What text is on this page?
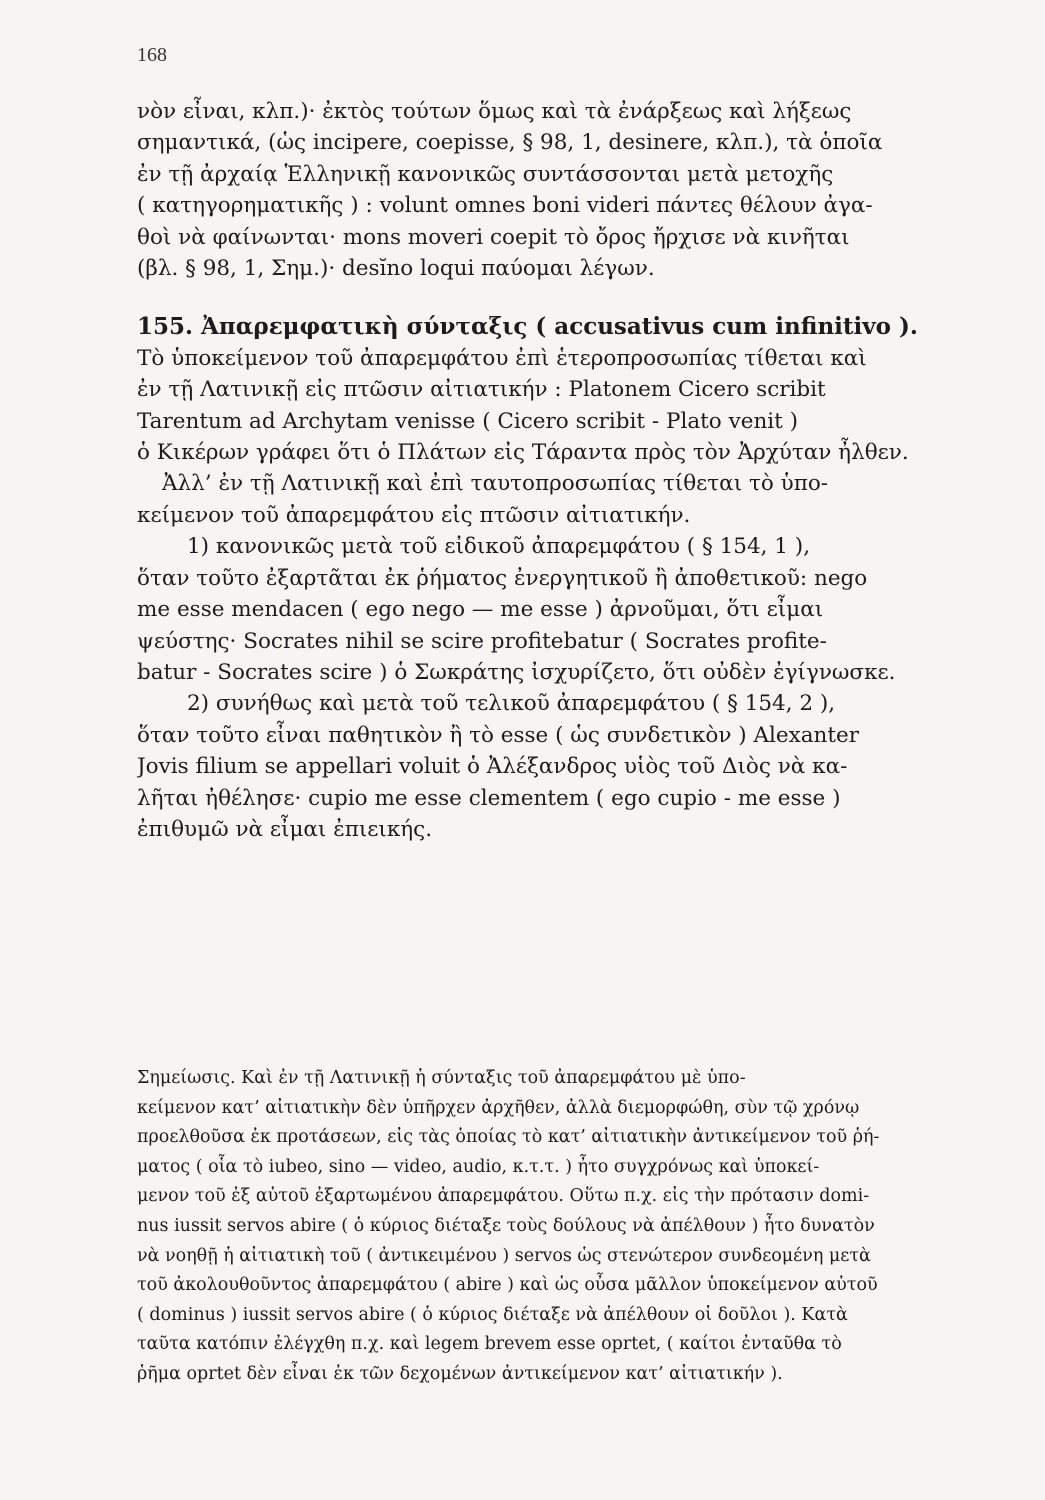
168
νὸν εἶναι, κλπ.)· ἐκτὸς τούτων ὅμως καὶ τὰ ἐνάρξεως καὶ λήξεως
σημαντικά, (ὡς incipere, coepisse, § 98, 1, desinere, κλπ.), τὰ ὁποῖα
ἐν τῇ ἀρχαίᾳ Ἑλληνικῇ κανονικῶς συντάσσονται μετὰ μετοχῆς
( κατηγορηματικῆς ) : volunt omnes boni videri πάντες θέλουν ἀγα-
θοὶ νὰ φαίνωνται· mons moveri coepit τὸ ὄρος ἤρχισε νὰ κινῆται
(βλ. § 98, 1, Σημ.)· desĭno loqui παύομαι λέγων.
155. Ἀπαρεμφατικὴ σύνταξις ( accusativus cum infinitivo ).
Τὸ ὑποκείμενον τοῦ ἀπαρεμφάτου ἐπὶ ἑτεροπροσωπίας τίθεται καὶ
ἐν τῇ Λατινικῇ εἰς πτῶσιν αἰτιατικήν : Platonem Cicero scribit
Tarentum ad Archytam venisse ( Cicero scribit - Plato venit )
ὁ Κικέρων γράφει ὅτι ὁ Πλάτων εἰς Τάραντα πρὸς τὸν Ἀρχύταν ἦλθεν.
Ἀλλ’ ἐν τῇ Λατινικῇ καὶ ἐπὶ ταυτοπροσωπίας τίθεται τὸ ὑπο-
κείμενον τοῦ ἀπαρεμφάτου εἰς πτῶσιν αἰτιατικήν.
1) κανονικῶς μετὰ τοῦ εἰδικοῦ ἀπαρεμφάτου ( § 154, 1 ),
ὅταν τοῦτο ἐξαρτᾶται ἐκ ῥήματος ἐνεργητικοῦ ἢ ἀποθετικοῦ: nego
me esse mendacen ( ego nego — me esse ) ἀρνοῦμαι, ὅτι εἶμαι
ψεύστης· Socrates nihil se scire profitebatur ( Socrates profite-
batur - Socrates scire ) ὁ Σωκράτης ἰσχυρίζετο, ὅτι οὐδὲν ἐγίγνωσκε.
2) συνήθως καὶ μετὰ τοῦ τελικοῦ ἀπαρεμφάτου ( § 154, 2 ),
ὅταν τοῦτο εἶναι παθητικὸν ἢ τὸ esse ( ὡς συνδετικὸν ) Alexanter
Jovis filium se appellari voluit ὁ Ἀλέξανδρος υἱὸς τοῦ Διὸς νὰ κα-
λῆται ἠθέλησε· cupio me esse clementem ( ego cupio - me esse )
ἐπιθυμῶ νὰ εἶμαι ἐπιεικής.
Σημείωσις. Καὶ ἐν τῇ Λατινικῇ ἡ σύνταξις τοῦ ἀπαρεμφάτου μὲ ὑπο-
κείμενον κατ’ αἰτιατικὴν δὲν ὑπῆρχεν ἀρχῆθεν, ἀλλὰ διεμορφώθη, σὺν τῷ χρόνῳ
προελθοῦσα ἐκ προτάσεων, εἰς τὰς ὁποίας τὸ κατ’ αἰτιατικὴν ἀντικείμενον τοῦ ῥή-
ματος ( οἷα τὸ iubeo, sino — video, audio, κ.τ.τ. ) ἦτο συγχρόνως καὶ ὑποκεί-
μενον τοῦ ἐξ αὐτοῦ ἐξαρτωμένου ἀπαρεμφάτου. Οὕτω π.χ. εἰς τὴν πρότασιν domi-
nus iussit servos abire ( ὁ κύριος διέταξε τοὺς δούλους νὰ ἀπέλθουν ) ἦτο δυνατὸν
νὰ νοηθῇ ἡ αἰτιατικὴ τοῦ ( ἀντικειμένου ) servos ὡς στενώτερον συνδεομένη μετὰ
τοῦ ἀκολουθοῦντος ἀπαρεμφάτου ( abire ) καὶ ὡς οὖσα μᾶλλον ὑποκείμενον αὐτοῦ
( dominus ) iussit servos abire ( ὁ κύριος διέταξε νὰ ἀπέλθουν οἱ δοῦλοι ). Κατὰ
ταῦτα κατόπιν ἐλέγχθη π.χ. καὶ legem brevem esse oprtet, ( καίτοι ἐνταῦθα τὸ
ῥῆμα oprtet δὲν εἶναι ἐκ τῶν δεχομένων ἀντικείμενον κατ’ αἰτιατικήν ).
